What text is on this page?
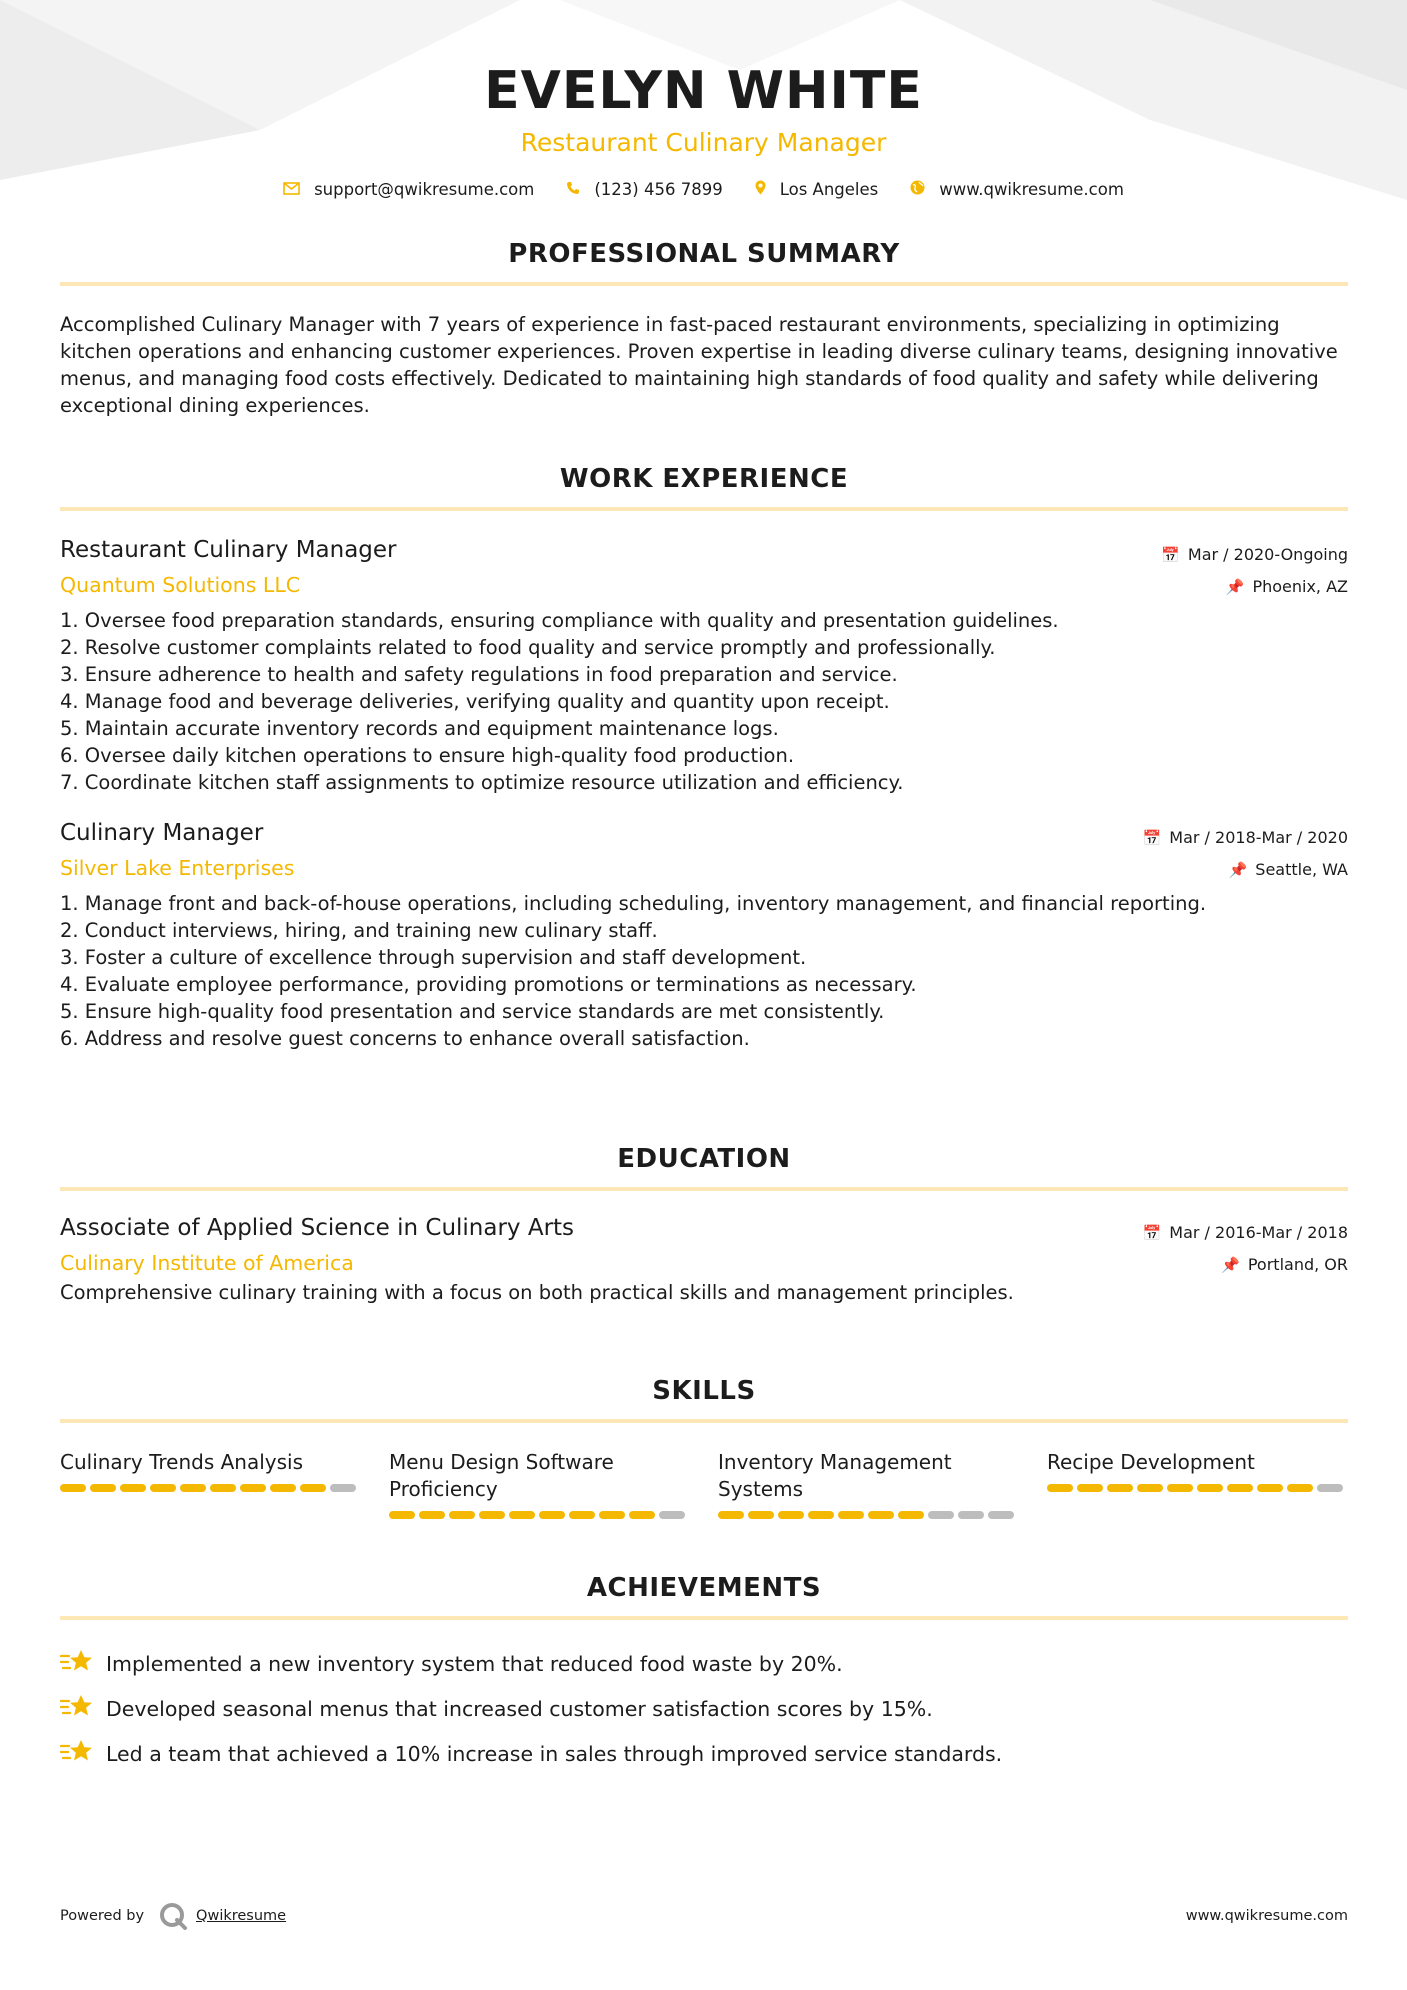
EVELYN WHITE
Restaurant Culinary Manager
support@qwikresume.com	(123) 456 7899	Los Angeles	www.qwikresume.com
PROFESSIONAL SUMMARY
Accomplished Culinary Manager with 7 years of experience in fast-paced restaurant environments, specializing in optimizing kitchen operations and enhancing customer experiences. Proven expertise in leading diverse culinary teams, designing innovative menus, and managing food costs effectively. Dedicated to maintaining high standards of food quality and safety while delivering exceptional dining experiences.
WORK EXPERIENCE
Restaurant Culinary Manager
Quantum Solutions LLC
📅 Mar / 2020-Ongoing
📌 Phoenix, AZ
1. Oversee food preparation standards, ensuring compliance with quality and presentation guidelines.
2. Resolve customer complaints related to food quality and service promptly and professionally.
3. Ensure adherence to health and safety regulations in food preparation and service.
4. Manage food and beverage deliveries, verifying quality and quantity upon receipt.
5. Maintain accurate inventory records and equipment maintenance logs.
6. Oversee daily kitchen operations to ensure high-quality food production.
7. Coordinate kitchen staff assignments to optimize resource utilization and efficiency.
Culinary Manager
Silver Lake Enterprises
📅 Mar / 2018-Mar / 2020
📌 Seattle, WA
1. Manage front and back-of-house operations, including scheduling, inventory management, and financial reporting.
2. Conduct interviews, hiring, and training new culinary staff.
3. Foster a culture of excellence through supervision and staff development.
4. Evaluate employee performance, providing promotions or terminations as necessary.
5. Ensure high-quality food presentation and service standards are met consistently.
6. Address and resolve guest concerns to enhance overall satisfaction.
EDUCATION
Associate of Applied Science in Culinary Arts
Culinary Institute of America
📅 Mar / 2016-Mar / 2018
📌 Portland, OR
Comprehensive culinary training with a focus on both practical skills and management principles.
SKILLS
Culinary Trends Analysis	Menu Design Software Proficiency
Inventory Management Systems
Recipe Development
ACHIEVEMENTS
Implemented a new inventory system that reduced food waste by 20%.
Developed seasonal menus that increased customer satisfaction scores by 15%.
Led a team that achieved a 10% increase in sales through improved service standards.
Powered by	Qwikresume	www.qwikresume.com
